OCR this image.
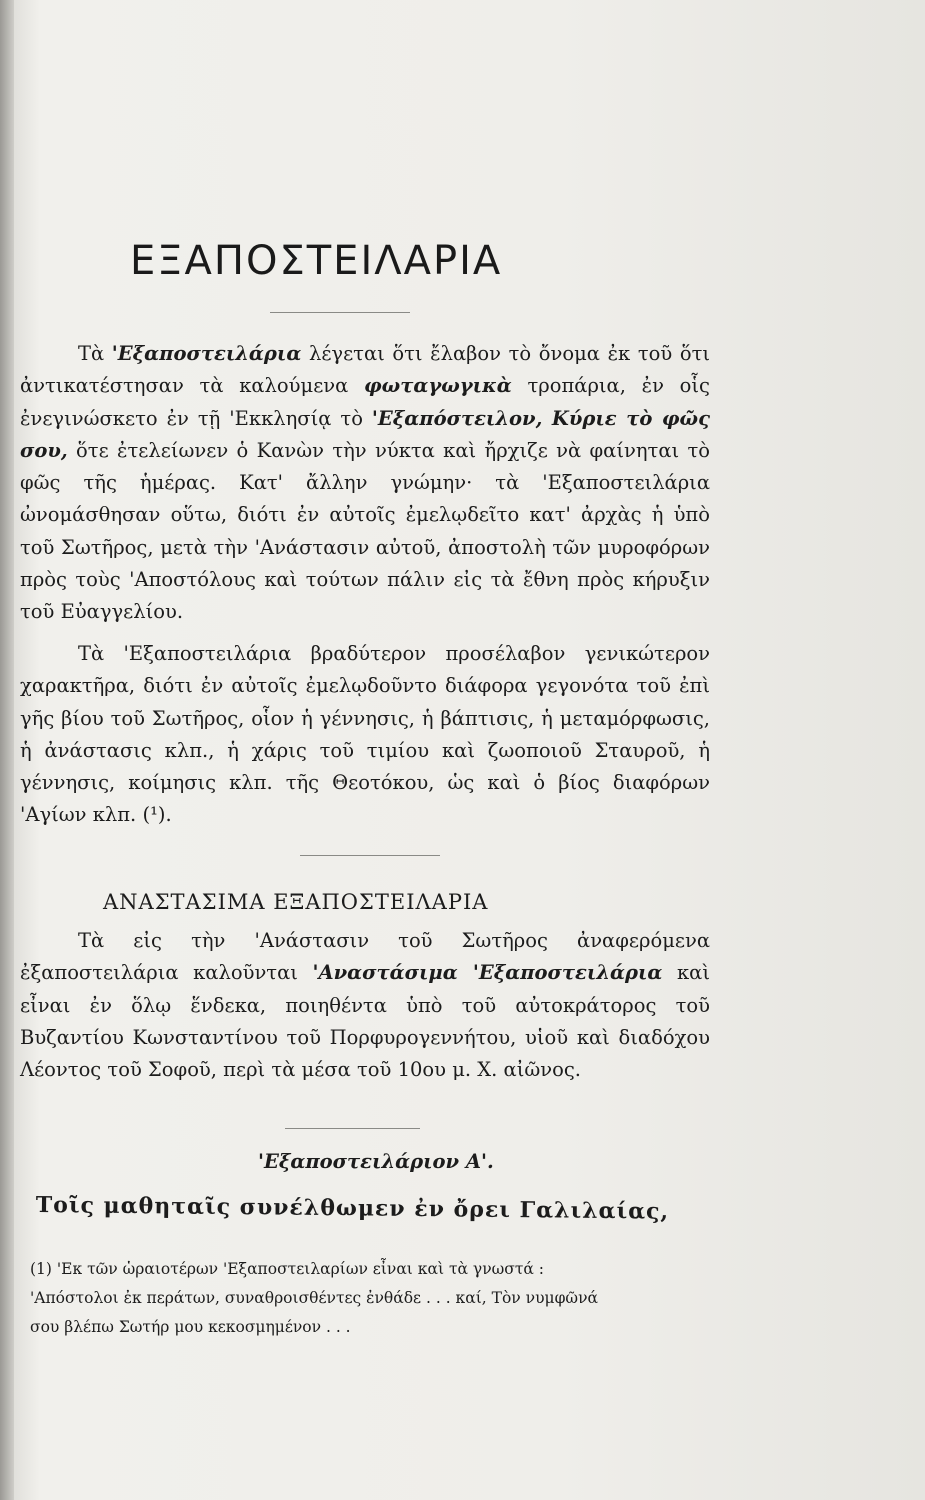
ΕΞΑΠΟΣΤΕΙΛΑΡΙΑ

Τὰ 'Εξαποστειλάρια λέγεται ὅτι ἔλαβον τὸ ὄνομα ἐκ τοῦ ὅτι ἀντικατέστησαν τὰ καλούμενα φωταγωγικὰ τροπάρια, ἐν οἷς ἐνεγινώσκετο ἐν τῇ 'Εκκλησίᾳ τὸ 'Εξαπόστειλον, Κύριε τὸ φῶς σου, ὅτε ἐτελείωνεν ὁ Κανὼν τὴν νύκτα καὶ ἤρχιζε νὰ φαίνηται τὸ φῶς τῆς ἡμέρας. Κατ' ἄλλην γνώμην· τὰ 'Εξαποστειλάρια ὠνομάσθησαν οὕτω, διότι ἐν αὐτοῖς ἐμελῳδεῖτο κατ' ἀρχὰς ἡ ὑπὸ τοῦ Σωτῆρος, μετὰ τὴν 'Ανάστασιν αὐτοῦ, ἀποστολὴ τῶν μυροφόρων πρὸς τοὺς 'Αποστόλους καὶ τούτων πάλιν εἰς τὰ ἔθνη πρὸς κήρυξιν τοῦ Εὐαγγελίου.

Τὰ 'Εξαποστειλάρια βραδύτερον προσέλαβον γενικώτερον χαρακτῆρα, διότι ἐν αὐτοῖς ἐμελῳδοῦντο διάφορα γεγονότα τοῦ ἐπὶ γῆς βίου τοῦ Σωτῆρος, οἷον ἡ γέννησις, ἡ βάπτισις, ἡ μεταμόρφωσις, ἡ ἀνάστασις κλπ., ἡ χάρις τοῦ τιμίου καὶ ζωοποιοῦ Σταυροῦ, ἡ γέννησις, κοίμησις κλπ. τῆς Θεοτόκου, ὡς καὶ ὁ βίος διαφόρων 'Αγίων κλπ. (¹).

ΑΝΑΣΤΑΣΙΜΑ ΕΞΑΠΟΣΤΕΙΛΑΡΙΑ

Τὰ εἰς τὴν 'Ανάστασιν τοῦ Σωτῆρος ἀναφερόμενα ἐξαποστειλάρια καλοῦνται 'Αναστάσιμα 'Εξαποστειλάρια καὶ εἶναι ἐν ὅλῳ ἕνδεκα, ποιηθέντα ὑπὸ τοῦ αὐτοκράτορος τοῦ Βυζαντίου Κωνσταντίνου τοῦ Πορφυρογεννήτου, υἱοῦ καὶ διαδόχου Λέοντος τοῦ Σοφοῦ, περὶ τὰ μέσα τοῦ 10ου μ. Χ. αἰῶνος.

'Εξαποστειλάριον Α'.
Τοῖς μαθηταῖς συνέλθωμεν ἐν ὄρει Γαλιλαίας,
(1) 'Εκ τῶν ὡραιοτέρων 'Εξαποστειλαρίων εἶναι καὶ τὰ γνωστά :
'Απόστολοι ἐκ περάτων, συναθροισθέντες ἐνθάδε . . . καί, Τὸν νυμφῶνά
σου βλέπω Σωτήρ μου κεκοσμημένον . . .
